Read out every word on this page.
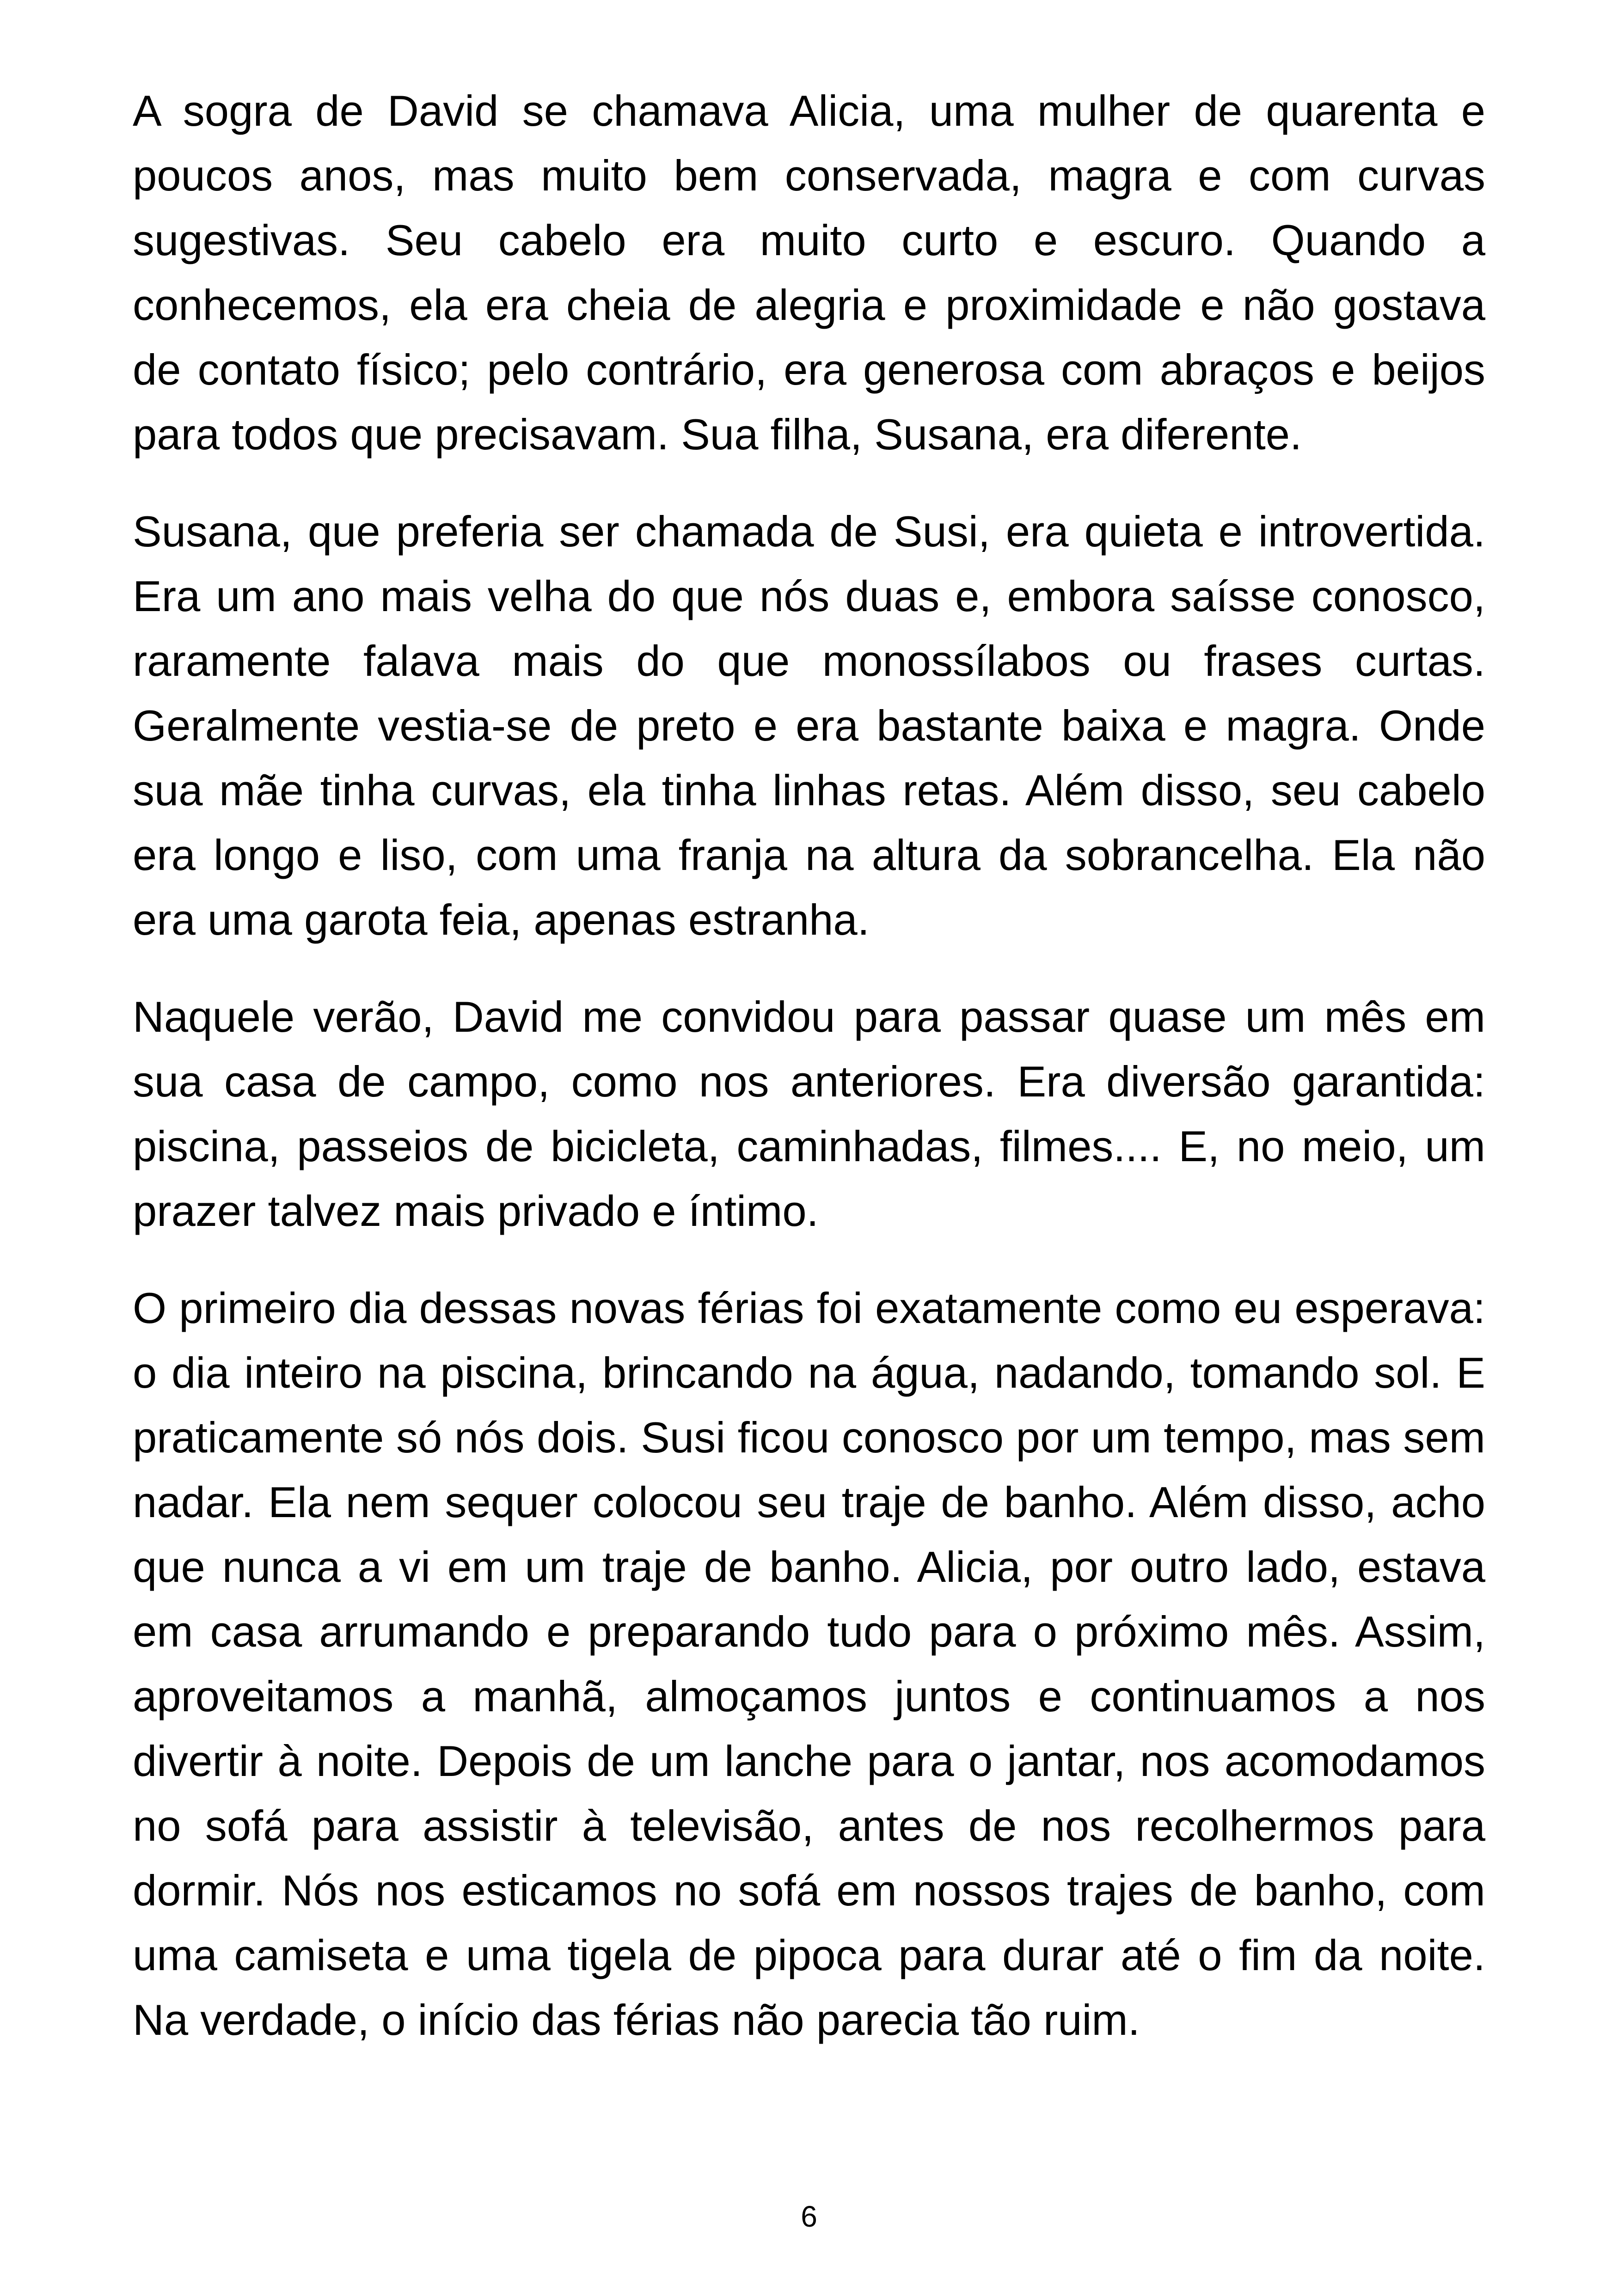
A sogra de David se chamava Alicia, uma mulher de quarenta e poucos anos, mas muito bem conservada, magra e com curvas sugestivas. Seu cabelo era muito curto e escuro. Quando a conhecemos, ela era cheia de alegria e proximidade e não gostava de contato físico; pelo contrário, era generosa com abraços e beijos para todos que precisavam. Sua filha, Susana, era diferente.

Susana, que preferia ser chamada de Susi, era quieta e introvertida. Era um ano mais velha do que nós duas e, embora saísse conosco, raramente falava mais do que monossílabos ou frases curtas. Geralmente vestia-se de preto e era bastante baixa e magra. Onde sua mãe tinha curvas, ela tinha linhas retas. Além disso, seu cabelo era longo e liso, com uma franja na altura da sobrancelha. Ela não era uma garota feia, apenas estranha.

Naquele verão, David me convidou para passar quase um mês em sua casa de campo, como nos anteriores. Era diversão garantida: piscina, passeios de bicicleta, caminhadas, filmes.... E, no meio, um prazer talvez mais privado e íntimo.

O primeiro dia dessas novas férias foi exatamente como eu esperava: o dia inteiro na piscina, brincando na água, nadando, tomando sol. E praticamente só nós dois. Susi ficou conosco por um tempo, mas sem nadar. Ela nem sequer colocou seu traje de banho. Além disso, acho que nunca a vi em um traje de banho. Alicia, por outro lado, estava em casa arrumando e preparando tudo para o próximo mês. Assim, aproveitamos a manhã, almoçamos juntos e continuamos a nos divertir à noite. Depois de um lanche para o jantar, nos acomodamos no sofá para assistir à televisão, antes de nos recolhermos para dormir. Nós nos esticamos no sofá em nossos trajes de banho, com uma camiseta e uma tigela de pipoca para durar até o fim da noite. Na verdade, o início das férias não parecia tão ruim.

6
